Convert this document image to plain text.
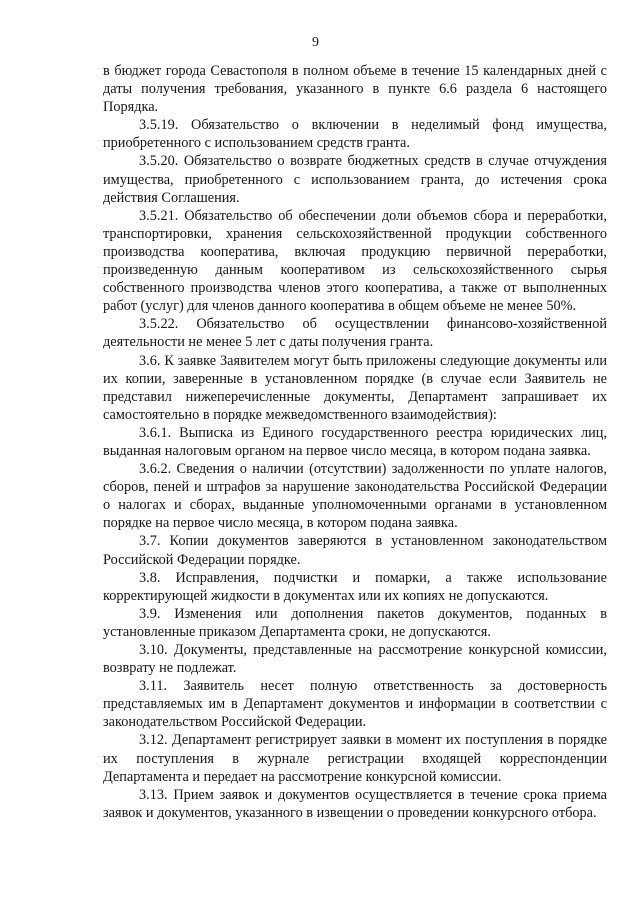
9

в бюджет города Севастополя в полном объеме в течение 15 календарных дней с даты получения требования, указанного в пункте 6.6 раздела 6 настоящего Порядка.

3.5.19. Обязательство о включении в неделимый фонд имущества, приобретенного с использованием средств гранта.

3.5.20. Обязательство о возврате бюджетных средств в случае отчуждения имущества, приобретенного с использованием гранта, до истечения срока действия Соглашения.

3.5.21. Обязательство об обеспечении доли объемов сбора и переработки, транспортировки, хранения сельскохозяйственной продукции собственного производства кооператива, включая продукцию первичной переработки, произведенную данным кооперативом из сельскохозяйственного сырья собственного производства членов этого кооператива, а также от выполненных работ (услуг) для членов данного кооператива в общем объеме не менее 50%.

3.5.22. Обязательство об осуществлении финансово-хозяйственной деятельности не менее 5 лет с даты получения гранта.

3.6. К заявке Заявителем могут быть приложены следующие документы или их копии, заверенные в установленном порядке (в случае если Заявитель не представил нижеперечисленные документы, Департамент запрашивает их самостоятельно в порядке межведомственного взаимодействия):

3.6.1. Выписка из Единого государственного реестра юридических лиц, выданная налоговым органом на первое число месяца, в котором подана заявка.

3.6.2. Сведения о наличии (отсутствии) задолженности по уплате налогов, сборов, пеней и штрафов за нарушение законодательства Российской Федерации о налогах и сборах, выданные уполномоченными органами в установленном порядке на первое число месяца, в котором подана заявка.

3.7. Копии документов заверяются в установленном законодательством Российской Федерации порядке.

3.8. Исправления, подчистки и помарки, а также использование корректирующей жидкости в документах или их копиях не допускаются.

3.9. Изменения или дополнения пакетов документов, поданных в установленные приказом Департамента сроки, не допускаются.

3.10. Документы, представленные на рассмотрение конкурсной комиссии, возврату не подлежат.

3.11. Заявитель несет полную ответственность за достоверность представляемых им в Департамент документов и информации в соответствии с законодательством Российской Федерации.

3.12. Департамент регистрирует заявки в момент их поступления в порядке их поступления в журнале регистрации входящей корреспонденции Департамента и передает на рассмотрение конкурсной комиссии.

3.13. Прием заявок и документов осуществляется в течение срока приема заявок и документов, указанного в извещении о проведении конкурсного отбора.
